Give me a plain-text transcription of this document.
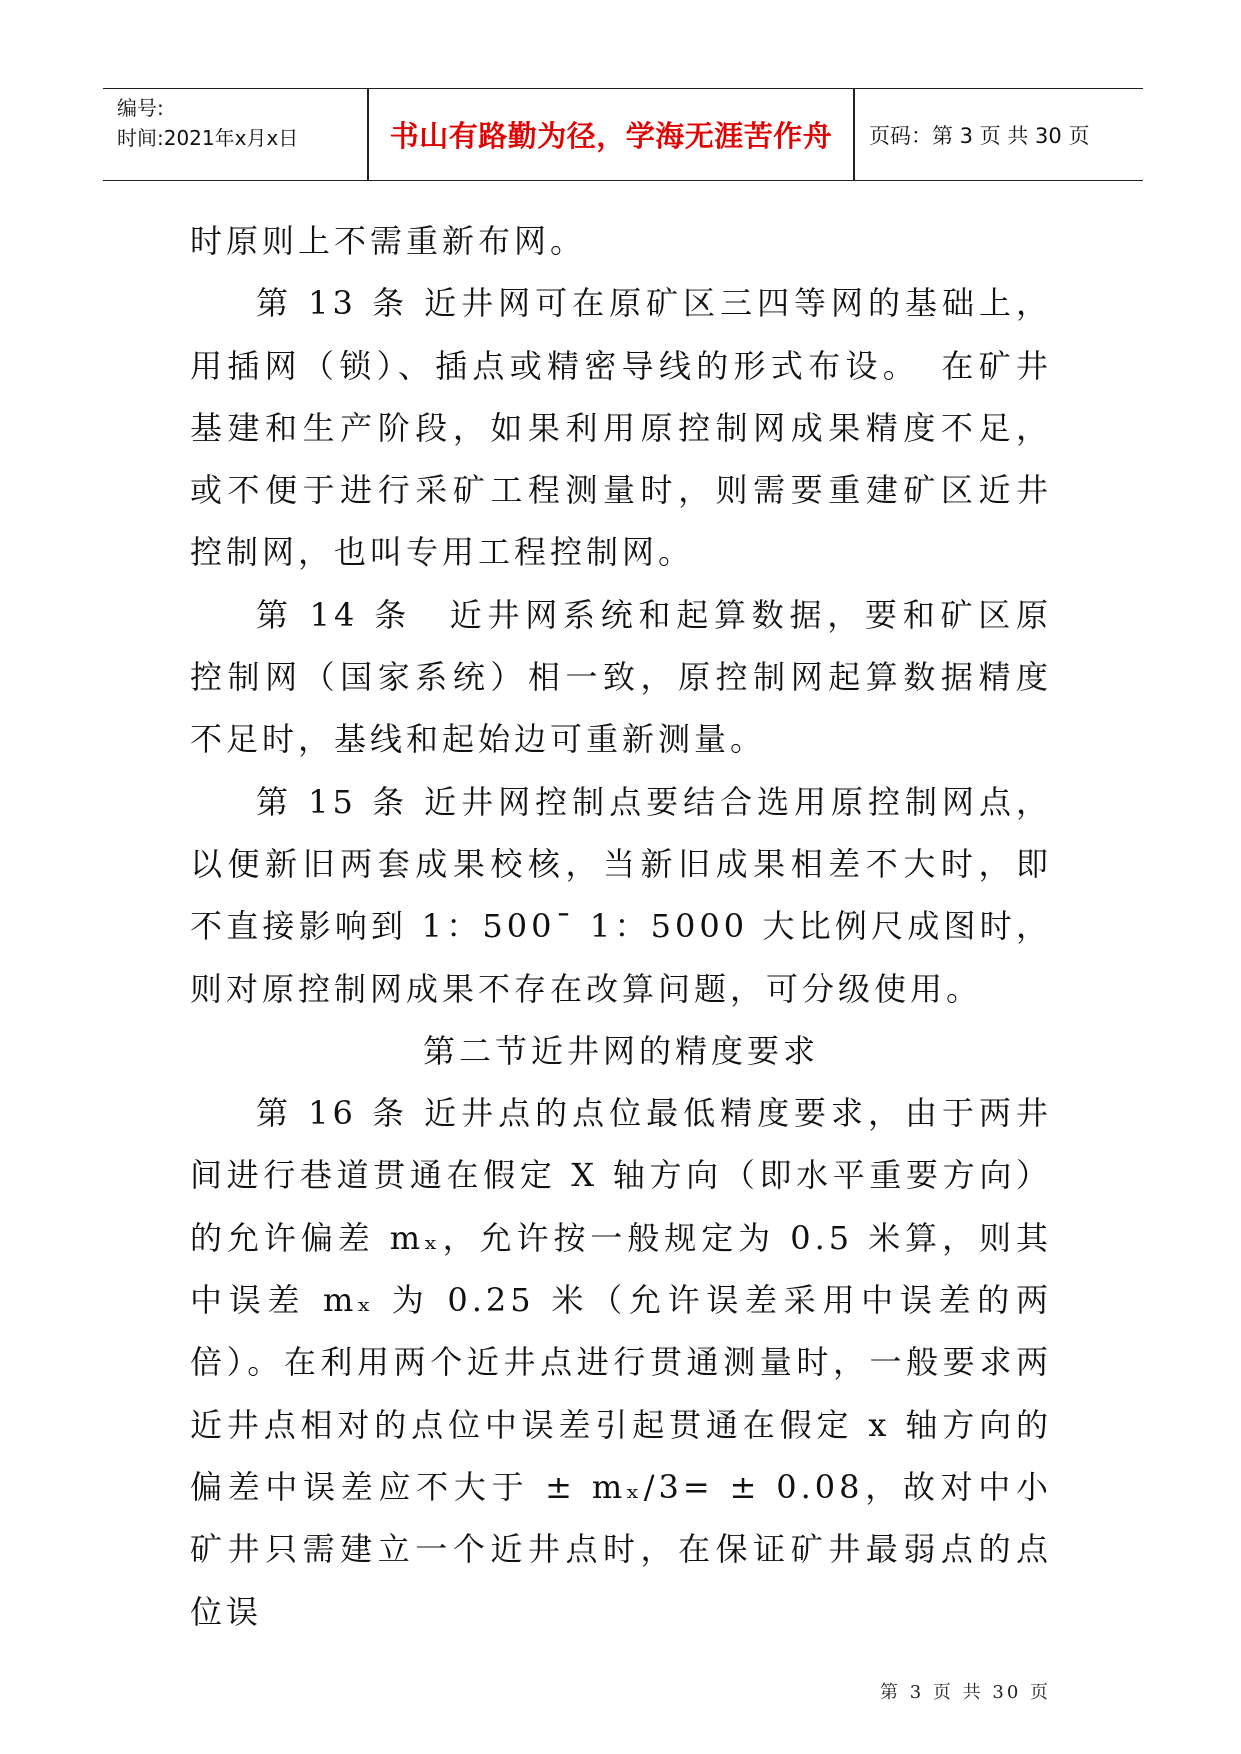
编号:
时间:2021年x月x日	书山有路勤为径，学海无涯苦作舟	页码：第 3 页 共 30 页

时原则上不需重新布网。

第 13 条 近井网可在原矿区三四等网的基础上，用插网（锁）、插点或精密导线的形式布设。　在矿井基建和生产阶段，如果利用原控制网成果精度不足，或不便于进行采矿工程测量时，则需要重建矿区近井控制网，也叫专用工程控制网。

第 14 条　近井网系统和起算数据，要和矿区原控制网（国家系统）相一致，原控制网起算数据精度不足时，基线和起始边可重新测量。

第 15 条 近井网控制点要结合选用原控制网点，以便新旧两套成果校核，当新旧成果相差不大时，即不直接影响到 1：500ˉ 1：5000 大比例尺成图时，则对原控制网成果不存在改算问题，可分级使用。

第二节近井网的精度要求

第 16 条 近井点的点位最低精度要求，由于两井间进行巷道贯通在假定 X 轴方向（即水平重要方向）的允许偏差 mₓ，允许按一般规定为 0.5 米算，则其中误差 mₓ 为 0.25 米（允许误差采用中误差的两倍）。在利用两个近井点进行贯通测量时，一般要求两近井点相对的点位中误差引起贯通在假定 x 轴方向的偏差中误差应不大于 ± mₓ/3= ± 0.08，故对中小矿井只需建立一个近井点时，在保证矿井最弱点的点位误

第 3 页 共 30 页
